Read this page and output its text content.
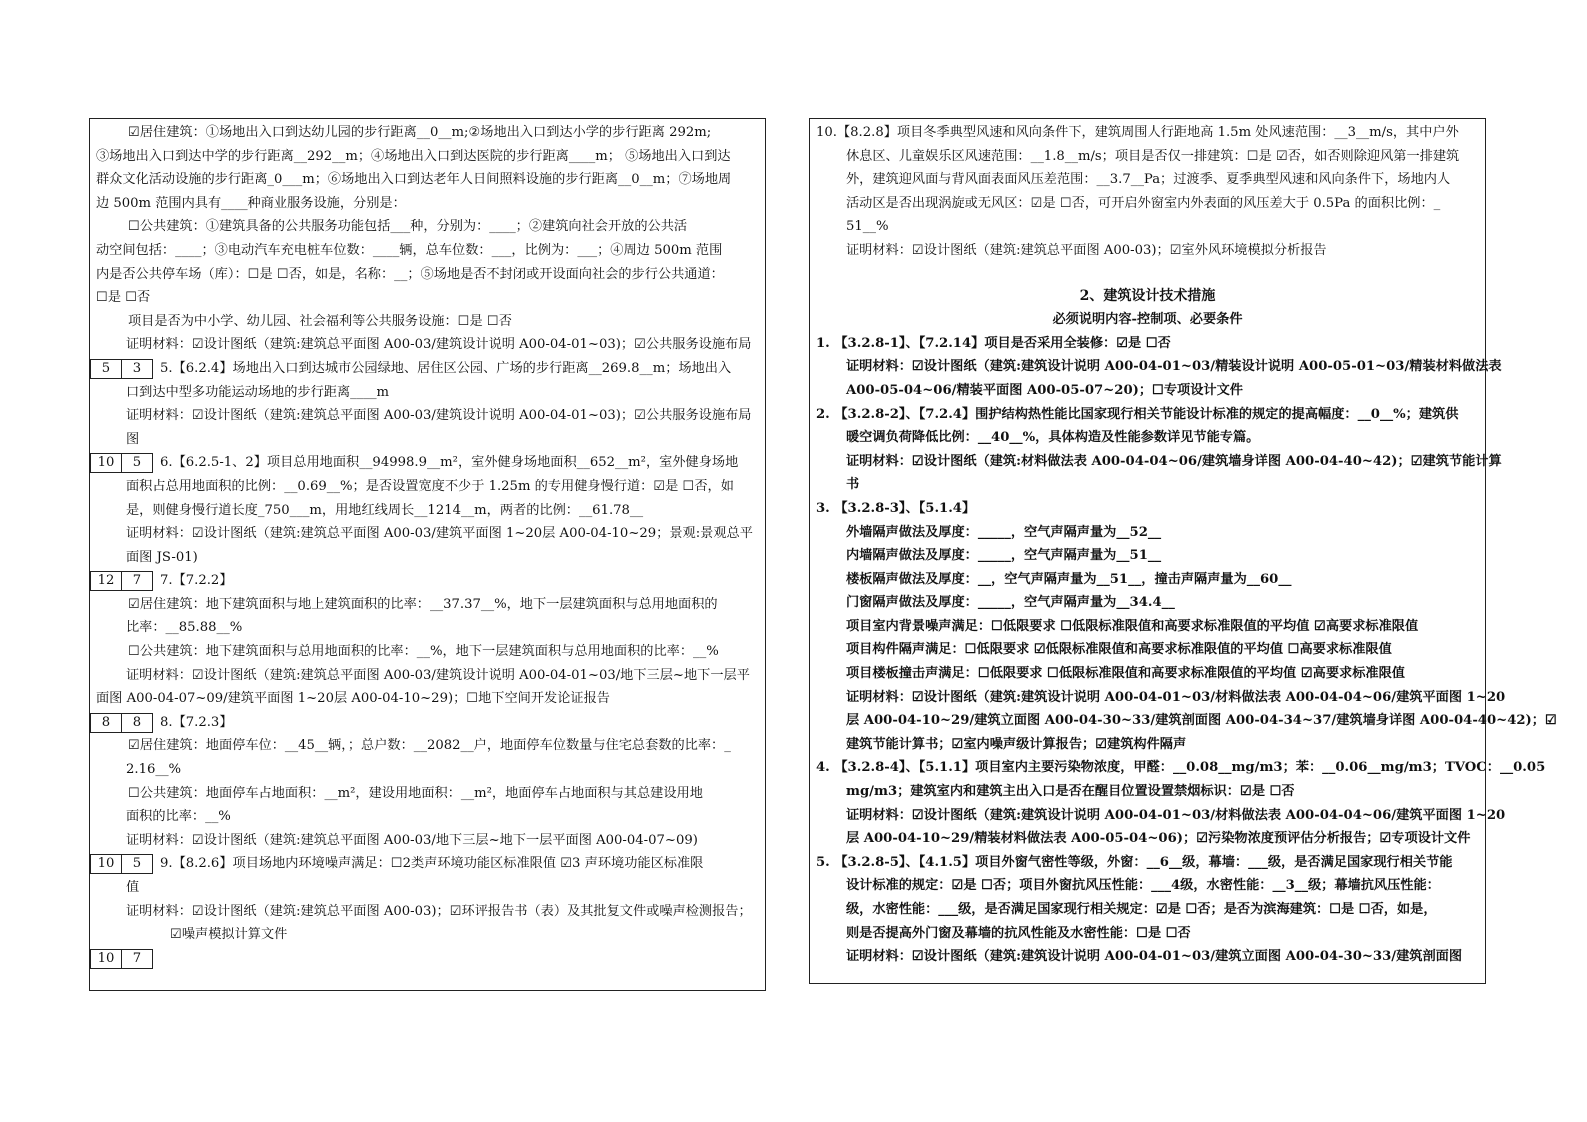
☑居住建筑：①场地出入口到达幼儿园的步行距离__0__m;②场地出入口到达小学的步行距离 292m;
③场地出入口到达中学的步行距离__292__m；④场地出入口到达医院的步行距离____m； ⑤场地出入口到达
群众文化活动设施的步行距离_0___m；⑥场地出入口到达老年人日间照料设施的步行距离__0__m；⑦场地周
边 500m 范围内具有____种商业服务设施，分别是：
☐公共建筑：①建筑具备的公共服务功能包括___种，分别为：____；②建筑向社会开放的公共活
动空间包括：____；③电动汽车充电桩车位数：____辆，总车位数：___，比例为：___；④周边 500m 范围
内是否公共停车场（库）：☐是 ☐否，如是，名称：__；⑤场地是否不封闭或开设面向社会的步行公共通道：
☐是 ☐否
项目是否为中小学、幼儿园、社会福利等公共服务设施：☐是 ☐否
证明材料：☑设计图纸（建筑:建筑总平面图 A00-03/建筑设计说明 A00-04-01~03)；☑公共服务设施布局
5 3 5.【6.2.4】场地出入口到达城市公园绿地、居住区公园、广场的步行距离__269.8__m；场地出入
口到达中型多功能运动场地的步行距离____m
证明材料：☑设计图纸（建筑:建筑总平面图 A00-03/建筑设计说明 A00-04-01~03)；☑公共服务设施布局
图
10 5 6.【6.2.5-1、2】项目总用地面积__94998.9__m²，室外健身场地面积__652__m²，室外健身场地
面积占总用地面积的比例：__0.69__%；是否设置宽度不少于 1.25m 的专用健身慢行道：☑是 ☐否，如
是，则健身慢行道长度_750___m，用地红线周长__1214__m，两者的比例：__61.78__
证明材料：☑设计图纸（建筑:建筑总平面图 A00-03/建筑平面图 1~20层 A00-04-10~29；景观:景观总平
面图 JS-01)
12 7 7.【7.2.2】
☑居住建筑：地下建筑面积与地上建筑面积的比率：__37.37__%，地下一层建筑面积与总用地面积的
比率：__85.88__%
☐公共建筑：地下建筑面积与总用地面积的比率：__%，地下一层建筑面积与总用地面积的比率：__%
证明材料：☑设计图纸（建筑:建筑总平面图 A00-03/建筑设计说明 A00-04-01~03/地下三层~地下一层平
面图 A00-04-07~09/建筑平面图 1~20层 A00-04-10~29)；☐地下空间开发论证报告
8 8 8.【7.2.3】
☑居住建筑：地面停车位：__45__辆，；总户数：__2082__户，地面停车位数量与住宅总套数的比率：_
2.16__%
☐公共建筑：地面停车占地面积：__m²，建设用地面积：__m²，地面停车占地面积与其总建设用地
面积的比率：__%
证明材料：☑设计图纸（建筑:建筑总平面图 A00-03/地下三层~地下一层平面图 A00-04-07~09)
10 5 9.【8.2.6】项目场地内环境噪声满足：☐2类声环境功能区标准限值 ☑3 声环境功能区标准限
值
证明材料：☑设计图纸（建筑:建筑总平面图 A00-03)；☑环评报告书（表）及其批复文件或噪声检测报告；
☑噪声模拟计算文件
10 7
10.【8.2.8】项目冬季典型风速和风向条件下，建筑周围人行距地高 1.5m 处风速范围：__3__m/s，其中户外
休息区、儿童娱乐区风速范围：__1.8__m/s；项目是否仅一排建筑：☐是 ☑否，如否则除迎风第一排建筑
外，建筑迎风面与背风面表面风压差范围：__3.7__Pa；过渡季、夏季典型风速和风向条件下，场地内人
活动区是否出现涡旋或无风区：☑是 ☐否，可开启外窗室内外表面的风压差大于 0.5Pa 的面积比例：_
51__%
证明材料：☑设计图纸（建筑:建筑总平面图 A00-03)；☑室外风环境模拟分析报告
2、建筑设计技术措施
必须说明内容-控制项、必要条件
1. 【3.2.8-1】、【7.2.14】项目是否采用全装修：☑是 ☐否
证明材料：☑设计图纸（建筑:建筑设计说明 A00-04-01~03/精装设计说明 A00-05-01~03/精装材料做法表
A00-05-04~06/精装平面图 A00-05-07~20)；☐专项设计文件
2. 【3.2.8-2】、【7.2.4】围护结构热性能比国家现行相关节能设计标准的规定的提高幅度：__0__%；建筑供
暖空调负荷降低比例：__40__%，具体构造及性能参数详见节能专篇。
证明材料：☑设计图纸（建筑:材料做法表 A00-04-04~06/建筑墙身详图 A00-04-40~42)；☑建筑节能计算
书
3. 【3.2.8-3】、【5.1.4】
外墙隔声做法及厚度：_____，空气声隔声量为__52__
内墙隔声做法及厚度：_____，空气声隔声量为__51__
楼板隔声做法及厚度：__，空气声隔声量为__51__，撞击声隔声量为__60__
门窗隔声做法及厚度：_____，空气声隔声量为__34.4__
项目室内背景噪声满足：☐低限要求 ☐低限标准限值和高要求标准限值的平均值 ☑高要求标准限值
项目构件隔声满足：☐低限要求 ☑低限标准限值和高要求标准限值的平均值 ☐高要求标准限值
项目楼板撞击声满足：☐低限要求 ☐低限标准限值和高要求标准限值的平均值 ☑高要求标准限值
证明材料：☑设计图纸（建筑:建筑设计说明 A00-04-01~03/材料做法表 A00-04-04~06/建筑平面图 1~20
层 A00-04-10~29/建筑立面图 A00-04-30~33/建筑剖面图 A00-04-34~37/建筑墙身详图 A00-04-40~42)；☑
建筑节能计算书；☑室内噪声级计算报告；☑建筑构件隔声
4. 【3.2.8-4】、【5.1.1】项目室内主要污染物浓度，甲醛：__0.08__mg/m3；苯：__0.06__mg/m3；TVOC：__0.05
mg/m3；建筑室内和建筑主出入口是否在醒目位置设置禁烟标识：☑是 ☐否
证明材料：☑设计图纸（建筑:建筑设计说明 A00-04-01~03/材料做法表 A00-04-04~06/建筑平面图 1~20
层 A00-04-10~29/精装材料做法表 A00-05-04~06)；☑污染物浓度预评估分析报告；☑专项设计文件
5. 【3.2.8-5】、【4.1.5】项目外窗气密性等级，外窗：__6__级，幕墙：___级，是否满足国家现行相关节能
设计标准的规定：☑是 ☐否；项目外窗抗风压性能：___4级，水密性能：__3__级；幕墙抗风压性能：
级，水密性能：___级，是否满足国家现行相关规定：☑是 ☐否；是否为滨海建筑：☐是 ☐否，如是，
则是否提高外门窗及幕墙的抗风性能及水密性能：☐是 ☐否
证明材料：☑设计图纸（建筑:建筑设计说明 A00-04-01~03/建筑立面图 A00-04-30~33/建筑剖面图
